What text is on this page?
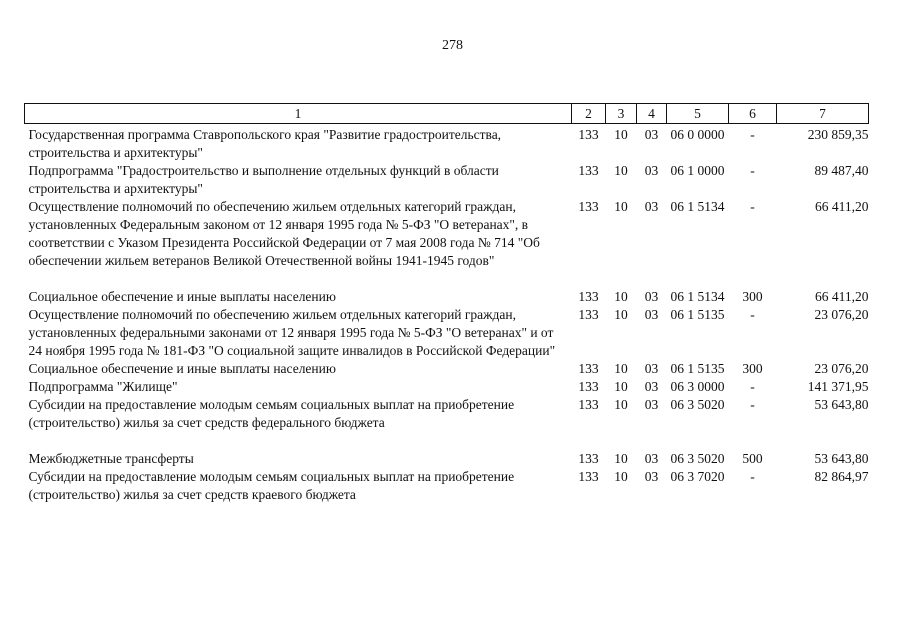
278
1	2	3	4	5	6	7
Государственная программа Ставропольского края "Развитие градостроительства, строительства и архитектуры"	133	10	03	06 0 0000	-	230 859,35
Подпрограмма "Градостроительство и выполнение отдельных функций в области строительства и архитектуры"	133	10	03	06 1 0000	-	89 487,40
Осуществление полномочий по обеспечению жильем отдельных категорий граждан, установленных Федеральным законом от 12 января 1995 года № 5-ФЗ "О ветеранах", в соответствии с Указом Президента Российской Федерации от 7 мая 2008 года № 714 "Об обеспечении жильем ветеранов Великой Отечественной войны 1941-1945 годов"	133	10	03	06 1 5134	-	66 411,20
Социальное обеспечение и иные выплаты населению	133	10	03	06 1 5134	300	66 411,20
Осуществление полномочий по обеспечению жильем отдельных категорий граждан, установленных федеральными законами от 12 января 1995 года № 5-ФЗ "О ветеранах" и от 24 ноября 1995 года № 181-ФЗ "О социальной защите инвалидов в Российской Федерации"	133	10	03	06 1 5135	-	23 076,20
Социальное обеспечение и иные выплаты населению	133	10	03	06 1 5135	300	23 076,20
Подпрограмма "Жилище"	133	10	03	06 3 0000	-	141 371,95
Субсидии на предоставление молодым семьям социальных выплат на приобретение (строительство) жилья за счет средств федерального бюджета	133	10	03	06 3 5020	-	53 643,80
Межбюджетные трансферты	133	10	03	06 3 5020	500	53 643,80
Субсидии на предоставление молодым семьям социальных выплат на приобретение (строительство) жилья за счет средств краевого бюджета	133	10	03	06 3 7020	-	82 864,97
